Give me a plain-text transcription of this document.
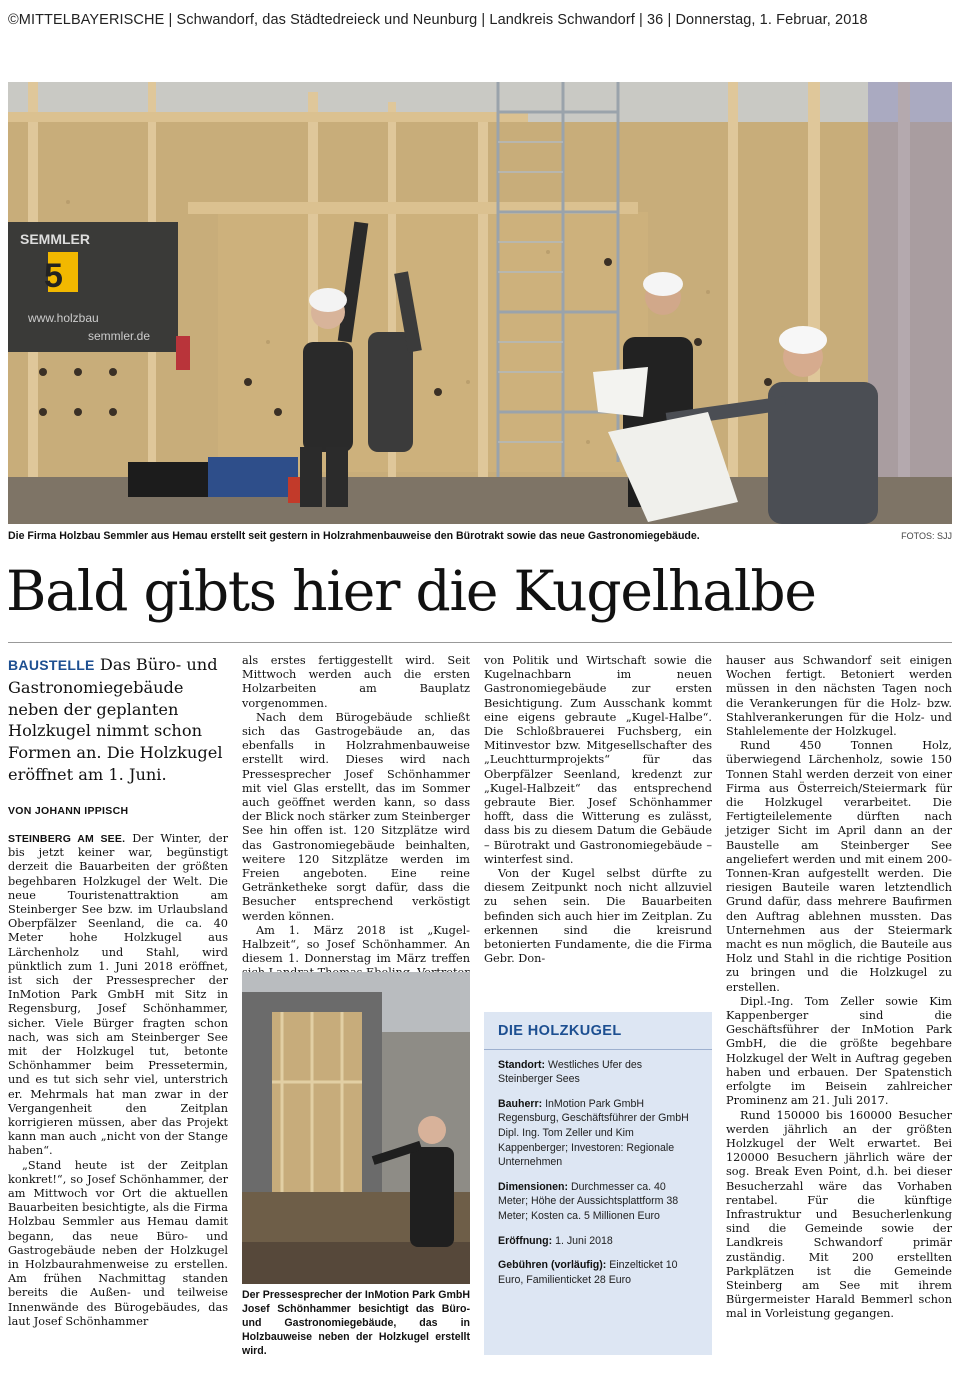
©MITTELBAYERISCHE | Schwandorf, das Städtedreieck und Neunburg | Landkreis Schwandorf | 36 | Donnerstag, 1. Februar, 2018
5
SEMMLER
www.holzbau
semmler.de
Die Firma Holzbau Semmler aus Hemau erstellt seit gestern in Holzrahmenbauweise den Bürotrakt sowie das neue Gastronomiegebäude.	FOTOS: SJJ
Bald gibts hier die Kugelhalbe
BAUSTELLE Das Büro- und Gastronomiegebäude neben der geplanten Holzkugel nimmt schon Formen an. Die Holzkugel eröffnet am 1. Juni.
VON JOHANN IPPISCH

STEINBERG AM SEE. Der Winter, der bis jetzt keiner war, begünstigt derzeit die Bauarbeiten der größten begehbaren Holzkugel der Welt. Die neue Touristenattraktion am Steinberger See bzw. im Urlaubsland Oberpfälzer Seenland, die ca. 40 Meter hohe Holzkugel aus Lärchenholz und Stahl, wird pünktlich zum 1. Juni 2018 eröffnet, ist sich der Pressesprecher der InMotion Park GmbH mit Sitz in Regensburg, Josef Schönhammer, sicher. Viele Bürger fragten schon nach, was sich am Steinberger See mit der Holzkugel tut, betonte Schönhammer beim Pressetermin, und es tut sich sehr viel, unterstrich er. Mehrmals hat man zwar in der Vergangenheit den Zeitplan korrigieren müssen, aber das Projekt kann man auch „nicht von der Stange haben“.

„Stand heute ist der Zeitplan konkret!“, so Josef Schönhammer, der am Mittwoch vor Ort die aktuellen Bauarbeiten besichtigte, als die Firma Holzbau Semmler aus Hemau damit begann, das neue Büro- und Gastrogebäude neben der Holzkugel in Holzbaurahmenweise zu erstellen. Am frühen Nachmittag standen bereits die Außen- und teilweise Innenwände des Bürogebäudes, das laut Josef Schönhammer

als erstes fertiggestellt wird. Seit Mittwoch werden auch die ersten Holzarbeiten am Bauplatz vorgenommen.

Nach dem Bürogebäude schließt sich das Gastrogebäude an, das ebenfalls in Holzrahmenbauweise erstellt wird. Dieses wird nach Pressesprecher Josef Schönhammer mit viel Glas erstellt, das im Sommer auch geöffnet werden kann, so dass der Blick noch stärker zum Steinberger See hin offen ist. 120 Sitzplätze wird das Gastronomiegebäude beinhalten, weitere 120 Sitzplätze werden im Freien angeboten. Eine reine Getränketheke sorgt dafür, dass die Besucher entsprechend verköstigt werden können.

Am 1. März 2018 ist „Kugel-Halbzeit“, so Josef Schönhammer. An diesem 1. Donnerstag im März treffen

Der Pressesprecher der InMotion Park GmbH Josef Schönhammer besichtigt das Büro- und Gastronomiegebäude, das in Holzbauweise neben der Holzkugel erstellt wird.

von Politik und Wirtschaft sowie die Kugelnachbarn im neuen Gastronomiegebäude zur ersten Besichtigung. Zum Ausschank kommt eine eigens gebraute „Kugel-Halbe“. Die Schloßbrauerei Fuchsberg, ein Mitinvestor bzw. Mitgesellschafter des „Leuchtturmprojekts“ für das Oberpfälzer Seenland, kredenzt zur „Kugel-Halbzeit“ das entsprechend gebraute Bier. Josef Schönhammer hofft, dass die Witterung es zulässt, dass bis zu diesem Datum die Gebäude – Bürotrakt und Gastronomiegebäude – winterfest sind.

Von der Kugel selbst dürfte zu diesem Zeitpunkt noch nicht allzuviel zu sehen sein. Die Bauarbeiten befinden sich auch hier im Zeitplan. Zu erkennen sind die kreisrund betonierten Fundamente, die die Firma Gebr. Don-

DIE HOLZKUGEL
Standort: Westliches Ufer des Steinberger Sees
Bauherr: InMotion Park GmbH Regensburg, Geschäftsführer der GmbH Dipl. Ing. Tom Zeller und Kim Kappenberger; Investoren: Regionale Unternehmen
Dimensionen: Durchmesser ca. 40 Meter; Höhe der Aussichtsplattform 38 Meter; Kosten ca. 5 Millionen Euro
Eröffnung: 1. Juni 2018
Gebühren (vorläufig): Einzelticket 10 Euro, Familienticket 28 Euro

hauser aus Schwandorf seit einigen Wochen fertigt. Betoniert werden müssen in den nächsten Tagen noch die Verankerungen für die Holz- bzw. Stahlverankerungen für die Holz- und Stahlelemente der Holzkugel.

Rund 450 Tonnen Holz, überwiegend Lärchenholz, sowie 150 Tonnen Stahl werden derzeit von einer Firma aus Österreich/Steiermark für die Holzkugel verarbeitet. Die Fertigteilelemente dürften nach jetziger Sicht im April dann an der Baustelle am Steinberger See angeliefert werden und mit einem 200-Tonnen-Kran aufgestellt werden. Die riesigen Bauteile waren letztendlich Grund dafür, dass mehrere Baufirmen den Auftrag ablehnen mussten. Das Unternehmen aus der Steiermark macht es nun möglich, die Bauteile aus Holz und Stahl in die richtige Position zu bringen und die Holzkugel zu erstellen.

Dipl.-Ing. Tom Zeller sowie Kim Kappenberger sind die Geschäftsführer der InMotion Park GmbH, die die größte begehbare Holzkugel der Welt in Auftrag gegeben haben und erbauen. Der Spatenstich erfolgte im Beisein zahlreicher Prominenz am 21. Juli 2017.

Rund 150000 bis 160000 Besucher werden jährlich an der größten Holzkugel der Welt erwartet. Bei 120000 Besuchern jährlich wäre der sog. Break Even Point, d.h. bei dieser Besucherzahl wäre das Vorhaben rentabel. Für die künftige Infrastruktur und Besucherlenkung sind die Gemeinde sowie der Landkreis Schwandorf primär zuständig. Mit 200 erstellten Parkplätzen ist die Gemeinde Steinberg am See mit ihrem Bürgermeister Harald Bemmerl schon mal in Vorleistung gegangen.
